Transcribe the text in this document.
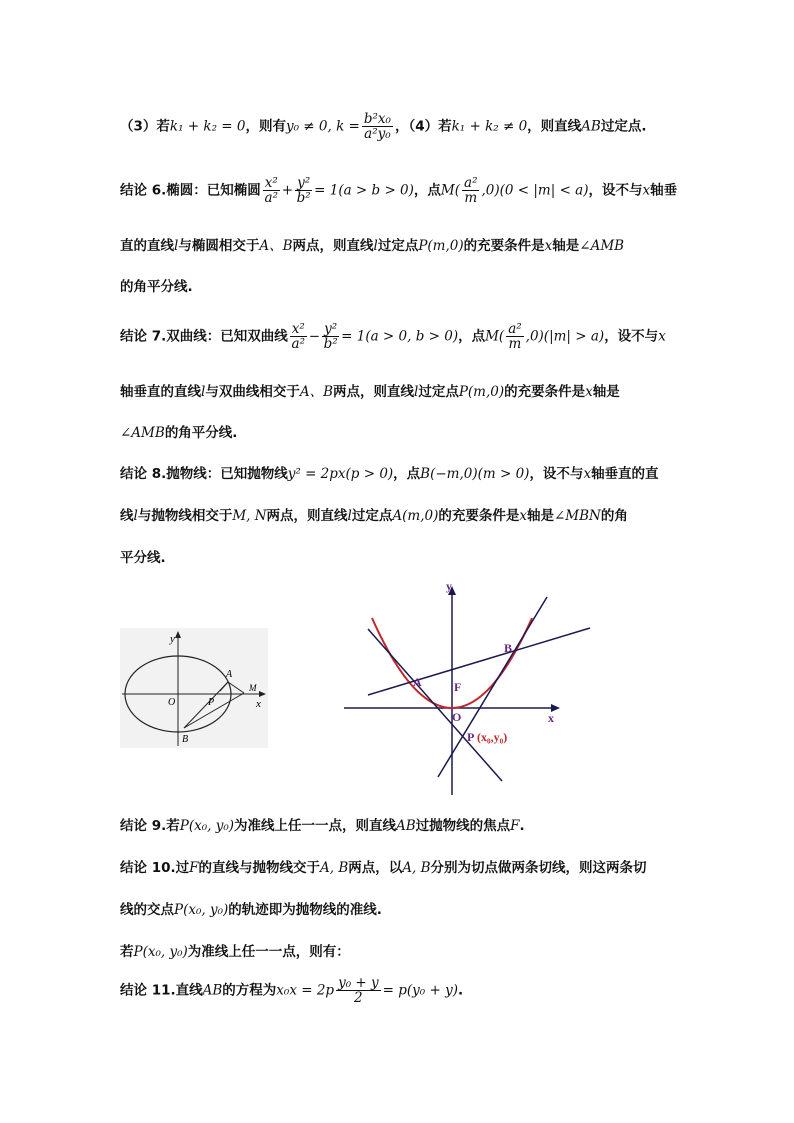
（3）若k₁ + k₂ = 0，则有y₀ ≠ 0, $k = \frac{\text{b²x₀}}{\text{a²y₀}}$ ，（4）若k₁ + k₂ ≠ 0，则直线AB过定点.
结论 6.椭圆：已知椭圆 $\frac{\text{x²}}{\text{a²}} + \frac{\text{y²}}{\text{b²}} = 1(a > b > 0)$，点$M( \frac{\text{a²}}{m} ,0)(0 < |m| < a)$，设不与x轴垂
直的直线l与椭圆相交于A、B两点，则直线l过定点P(m,0)的充要条件是x轴是∠AMB
的角平分线.
结论 7.双曲线：已知双曲线 $\frac{\text{x²}}{\text{a²}} - \frac{\text{y²}}{\text{b²}} = 1(a > 0$, b > 0)，点$M( \frac{\text{a²}}{m} ,0)(|m| > a)$，设不与x
轴垂直的直线l与双曲线相交于A、B两点，则直线l过定点P(m,0)的充要条件是x轴是
∠AMB的角平分线.
结论 8.抛物线：已知抛物线y² = 2px(p > 0)，点B(−m,0)(m > 0)，设不与x轴垂直的直
线l与抛物线相交于M, N两点，则直线l过定点A(m,0)的充要条件是x轴是∠MBN的角
平分线.
y
x
O
A
M
P
B
y
x
O
F
A
B
P (x₀,y₀)
结论 9.若P(x₀, y₀)为准线上任一一点，则直线AB过抛物线的焦点F.
结论 10.过F的直线与抛物线交于A, B两点，以A, B分别为切点做两条切线，则这两条切
线的交点P(x₀, y₀)的轨迹即为抛物线的准线.
若P(x₀, y₀)为准线上任一一点，则有：
结论 11.直线AB的方程为$x_0x = 2p \frac{\text{y₀ + y}}{2} = p(y_0 + y)$.
